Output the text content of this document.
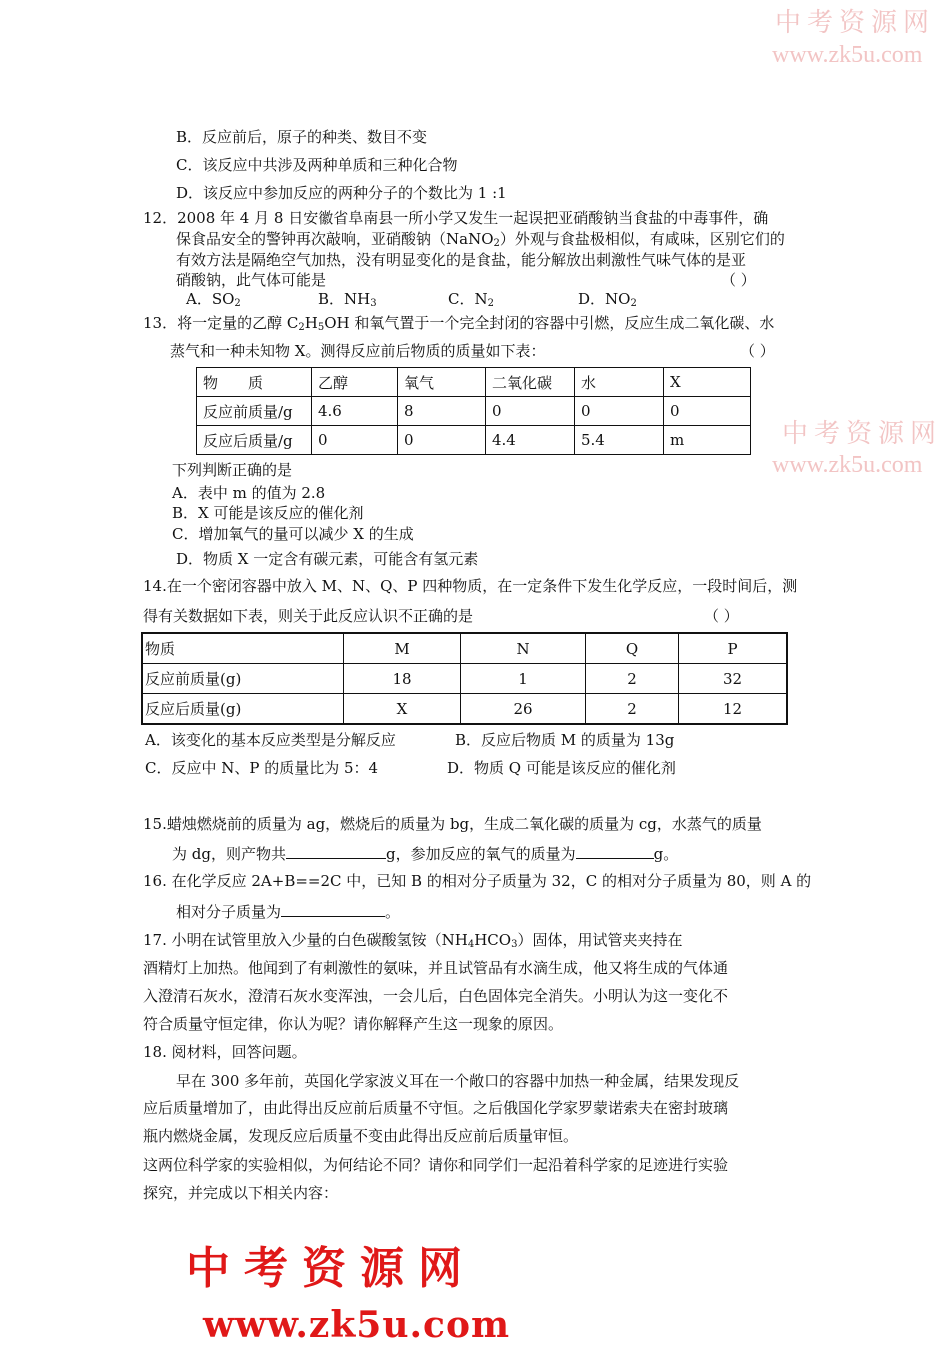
中考资源网
www.zk5u.com
中考资源网
www.zk5u.com
B．反应前后，原子的种类、数目不变
C．该反应中共涉及两种单质和三种化合物
D．该反应中参加反应的两种分子的个数比为 1 :1
12．2008 年 4 月 8 日安徽省阜南县一所小学又发生一起误把亚硝酸钠当食盐的中毒事件，确
保食品安全的警钟再次敲响，亚硝酸钠（NaNO$_2$）外观与食盐极相似，有咸味，区别它们的
有效方法是隔绝空气加热，没有明显变化的是食盐，能分解放出刺激性气味气体的是亚
硝酸钠，此气体可能是	（ ）
A．$SO_2$	B．$NH_3$	C．$N_2$	D．$NO_2$
13．将一定量的乙醇 $C_2H_5OH$ 和氧气置于一个完全封闭的容器中引燃，反应生成二氧化碳、水
蒸气和一种未知物 X。测得反应前后物质的质量如下表：	（ ）
物　　质	乙醇	氧气	二氧化碳	水	X
反应前质量/g	4.6	8	0	0	0
反应后质量/g	0	0	4.4	5.4	m
下列判断正确的是
A．表中 m 的值为 2.8
B．X 可能是该反应的催化剂
C．增加氧气的量可以减少 X 的生成
D．物质 X 一定含有碳元素，可能含有氢元素
14.在一个密闭容器中放入 M、N、Q、P 四种物质，在一定条件下发生化学反应，一段时间后，测
得有关数据如下表，则关于此反应认识不正确的是	（ ）
物质	M	N	Q	P
反应前质量(g)	18	1	2	32
反应后质量(g)	X	26	2	12
A．该变化的基本反应类型是分解反应	B．反应后物质 M 的质量为 13g
C．反应中 N、P 的质量比为 5：4	D．物质 Q 可能是该反应的催化剂
15.蜡烛燃烧前的质量为 ag，燃烧后的质量为 bg，生成二氧化碳的质量为 cg，水蒸气的质量
为 dg，则产物共	g，参加反应的氧气的质量为	g。
16. 在化学反应 2A+B==2C 中，已知 B 的相对分子质量为 32，C 的相对分子质量为 80，则 A 的
相对分子质量为	。
17. 小明在试管里放入少量的白色碳酸氢铵$(NH_4HCO_3)$固体，用试管夹夹持在
酒精灯上加热。他闻到了有刺激性的氨味，并且试管品有水滴生成，他又将生成的气体通
入澄清石灰水，澄清石灰水变浑浊，一会儿后，白色固体完全消失。小明认为这一变化不
符合质量守恒定律，你认为呢？请你解释产生这一现象的原因。
18. 阅材料，回答问题。
早在 300 多年前，英国化学家波义耳在一个敞口的容器中加热一种金属，结果发现反
应后质量增加了，由此得出反应前后质量不守恒。之后俄国化学家罗蒙诺索夫在密封玻璃
瓶内燃烧金属，发现反应后质量不变由此得出反应前后质量审恒。
这两位科学家的实验相似，为何结论不同？请你和同学们一起沿着科学家的足迹进行实验
探究，并完成以下相关内容：
中考资源网
www.zk5u.com
